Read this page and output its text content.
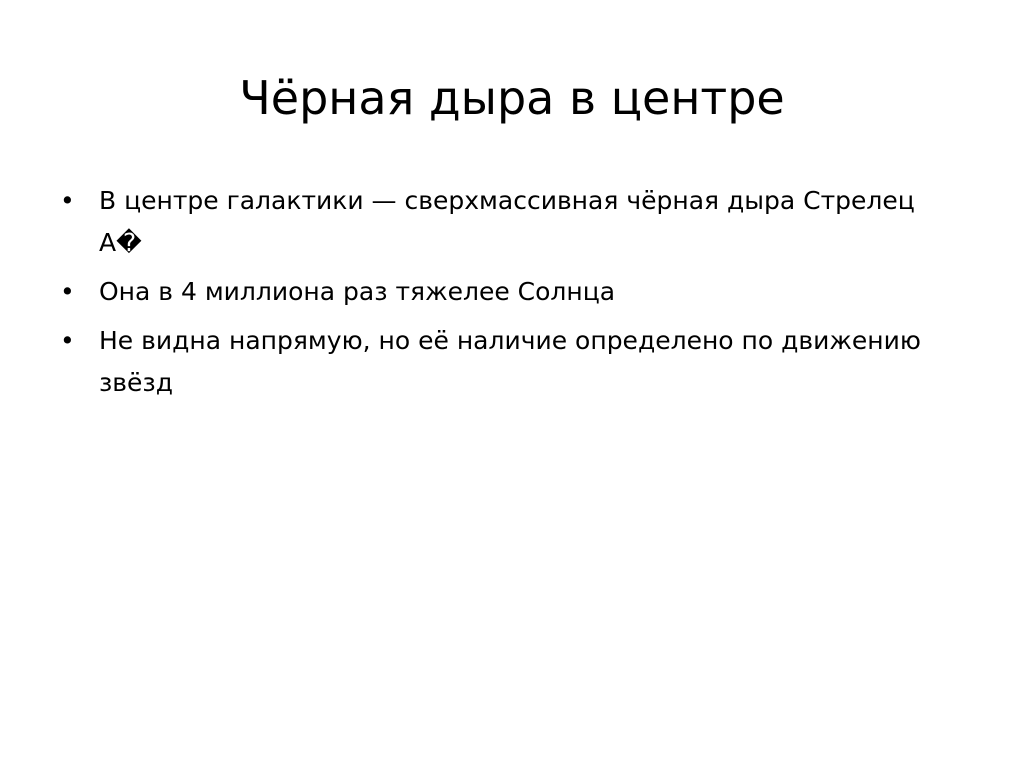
Чёрная дыра в центре
• В центре галактики — сверхмассивная чёрная дыра Стрелец A�
• Она в 4 миллиона раз тяжелее Солнца
• Не видна напрямую, но её наличие определено по движению звёзд
